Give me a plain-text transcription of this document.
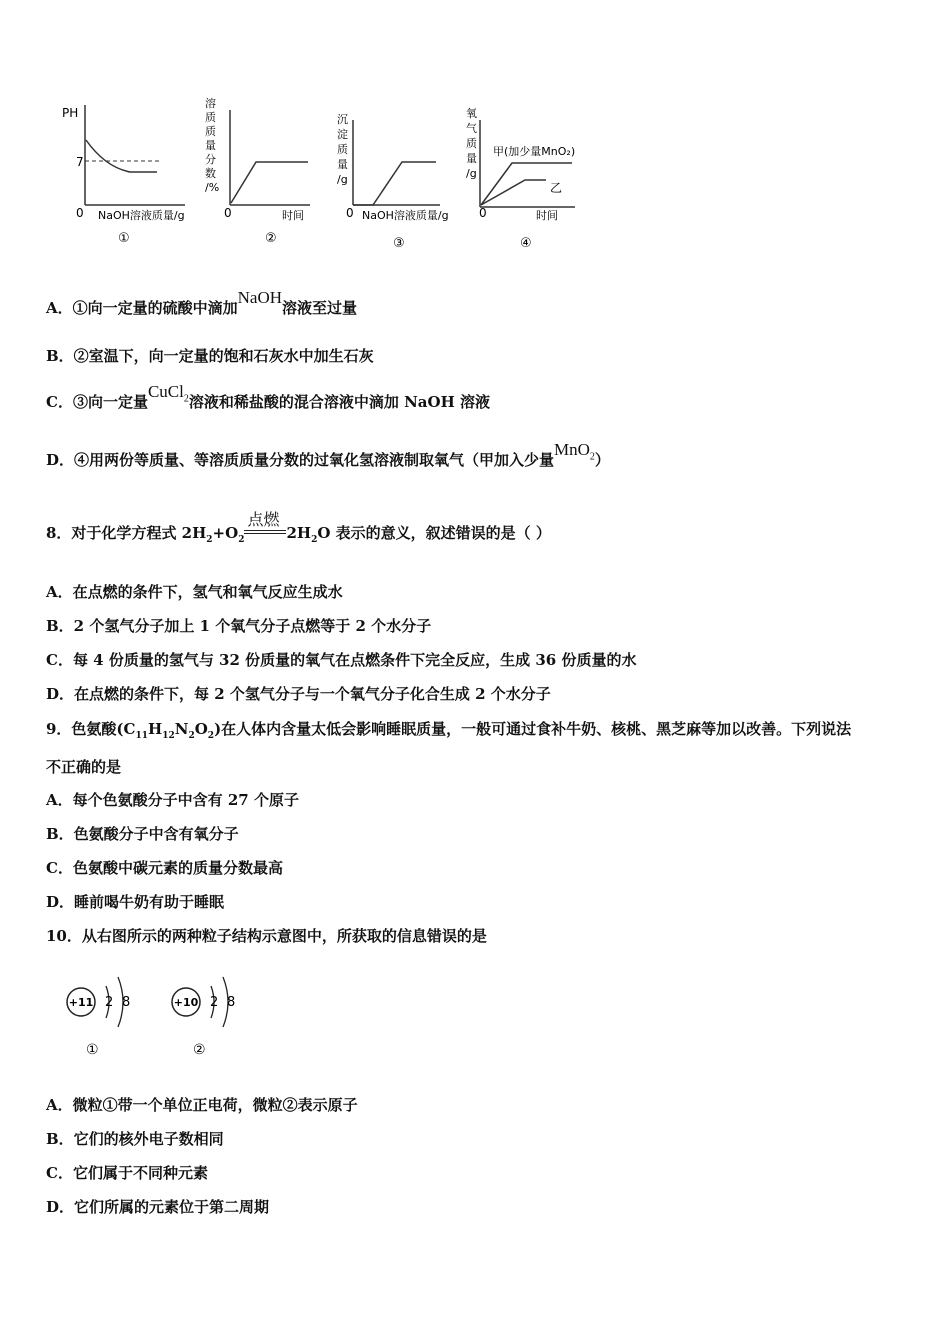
PH
7
0 NaOH溶液质量/g
①
溶
质
质
量
分
数
/%
0	时间
②
沉
淀
质
量
/g
0 NaOH溶液质量/g
③
氧
气
质
量
/g
0
甲(加少量MnO₂)
乙
时间
④
A．①向一定量的硫酸中滴加NaOH溶液至过量
B．②室温下，向一定量的饱和石灰水中加生石灰
C．③向一定量CuCl$_2$溶液和稀盐酸的混合溶液中滴加 NaOH 溶液
D．④用两份等质量、等溶质质量分数的过氧化氢溶液制取氧气（甲加入少量MnO$_2$）
8．对于化学方程式 $2H_2+O_2$
点燃
$2H_2O$ 表示的意义，叙述错误的是（ ）
A．在点燃的条件下，氢气和氧气反应生成水
B．2 个氢气分子加上 1 个氧气分子点燃等于 2 个水分子
C．每 4 份质量的氢气与 32 份质量的氧气在点燃条件下完全反应，生成 36 份质量的水
D．在点燃的条件下，每 2 个氢气分子与一个氧气分子化合生成 2 个水分子
9．色氨酸$(C_{11}H_{12}N_2O_2)$在人体内含量太低会影响睡眠质量，一般可通过食补牛奶、核桃、黑芝麻等加以改善。下列说法
不正确的是
A．每个色氨酸分子中含有 27 个原子
B．色氨酸分子中含有氧分子
C．色氨酸中碳元素的质量分数最高
D．睡前喝牛奶有助于睡眠
10．从右图所示的两种粒子结构示意图中，所获取的信息错误的是
+11 2 8
①
+10 2 8
②
A．微粒①带一个单位正电荷，微粒②表示原子
B．它们的核外电子数相同
C．它们属于不同种元素
D．它们所属的元素位于第二周期
